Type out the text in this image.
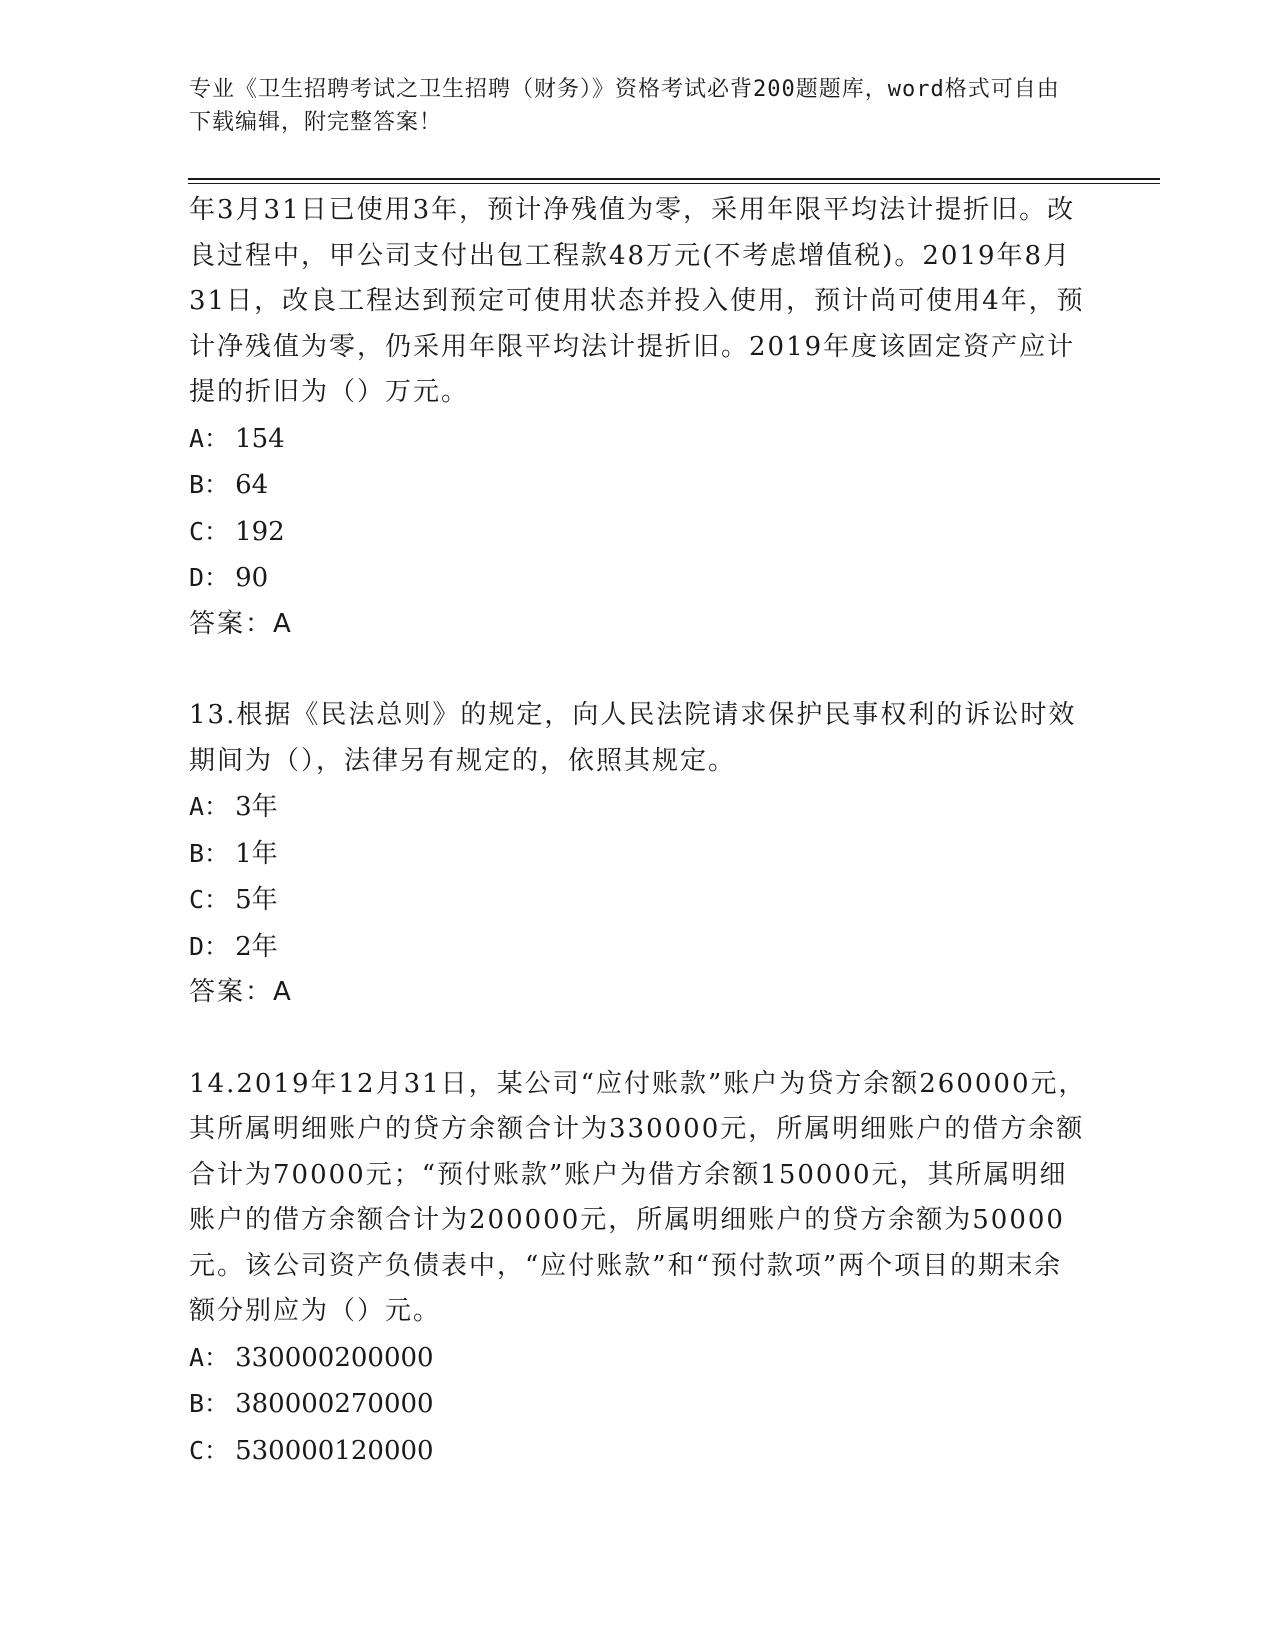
专业《卫生招聘考试之卫生招聘（财务）》资格考试必背200题题库，word格式可自由下载编辑，附完整答案！

年3月31日已使用3年，预计净残值为零，采用年限平均法计提折旧。改良过程中，甲公司支付出包工程款48万元(不考虑增值税)。2019年8月31日，改良工程达到预定可使用状态并投入使用，预计尚可使用4年，预计净残值为零，仍采用年限平均法计提折旧。2019年度该固定资产应计提的折旧为（）万元。

A： 154

B： 64

C： 192

D： 90

答案：A

13.根据《民法总则》的规定，向人民法院请求保护民事权利的诉讼时效期间为（），法律另有规定的，依照其规定。

A： 3年

B： 1年

C： 5年

D： 2年

答案：A

14.2019年12月31日，某公司“应付账款”账户为贷方余额260000元，其所属明细账户的贷方余额合计为330000元，所属明细账户的借方余额合计为70000元；“预付账款”账户为借方余额150000元，其所属明细账户的借方余额合计为200000元，所属明细账户的贷方余额为50000元。该公司资产负债表中，“应付账款”和“预付款项”两个项目的期末余额分别应为（）元。

A： 330000200000

B： 380000270000

C： 530000120000
